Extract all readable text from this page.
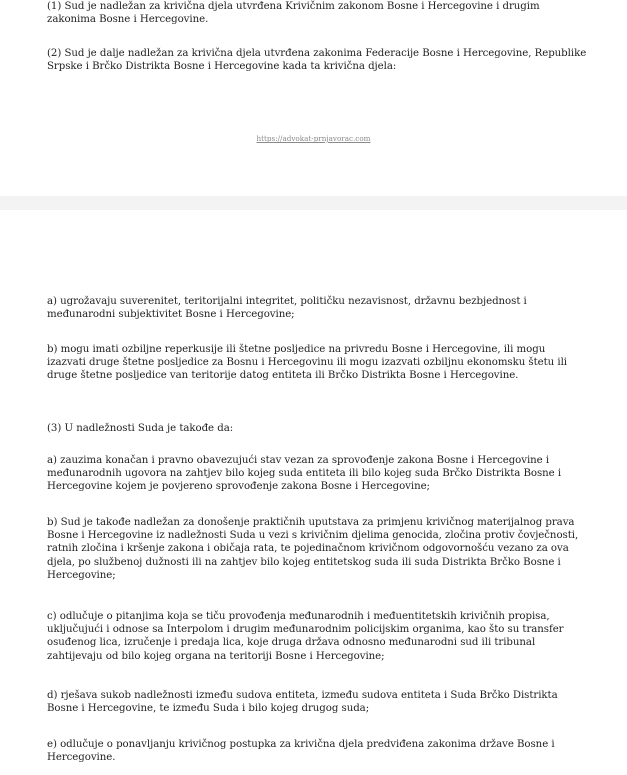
(1) Sud je nadležan za krivična djela utvrđena Krivičnim zakonom Bosne i Hercegovine i drugim zakonima Bosne i Hercegovine.

(2) Sud je dalje nadležan za krivična djela utvrđena zakonima Federacije Bosne i Hercegovine, Republike Srpske i Brčko Distrikta Bosne i Hercegovine kada ta krivična djela:

https://advokat-prnjavorac.com

a) ugrožavaju suverenitet, teritorijalni integritet, političku nezavisnost, državnu bezbjednost i međunarodni subjektivitet Bosne i Hercegovine;

b) mogu imati ozbiljne reperkusije ili štetne posljedice na privredu Bosne i Hercegovine, ili mogu izazvati druge štetne posljedice za Bosnu i Hercegovinu ili mogu izazvati ozbiljnu ekonomsku štetu ili druge štetne posljedice van teritorije datog entiteta ili Brčko Distrikta Bosne i Hercegovine.

(3) U nadležnosti Suda je takođe da:

a) zauzima konačan i pravno obavezujući stav vezan za sprovođenje zakona Bosne i Hercegovine i međunarodnih ugovora na zahtjev bilo kojeg suda entiteta ili bilo kojeg suda Brčko Distrikta Bosne i Hercegovine kojem je povjereno sprovođenje zakona Bosne i Hercegovine;

b) Sud je takođe nadležan za donošenje praktičnih uputstava za primjenu krivičnog materijalnog prava Bosne i Hercegovine iz nadležnosti Suda u vezi s krivičnim djelima genocida, zločina protiv čovječnosti, ratnih zločina i kršenje zakona i običaja rata, te pojedinačnom krivičnom odgovornošću vezano za ova djela, po službenoj dužnosti ili na zahtjev bilo kojeg entitetskog suda ili suda Distrikta Brčko Bosne i Hercegovine;

c) odlučuje o pitanjima koja se tiču provođenja međunarodnih i međuentitetskih krivičnih propisa, uključujući i odnose sa Interpolom i drugim međunarodnim policijskim organima, kao što su transfer osuđenog lica, izručenje i predaja lica, koje druga država odnosno međunarodni sud ili tribunal zahtijevaju od bilo kojeg organa na teritoriji Bosne i Hercegovine;

d) rješava sukob nadležnosti između sudova entiteta, između sudova entiteta i Suda Brčko Distrikta Bosne i Hercegovine, te između Suda i bilo kojeg drugog suda;

e) odlučuje o ponavljanju krivičnog postupka za krivična djela predviđena zakonima države Bosne i Hercegovine.
